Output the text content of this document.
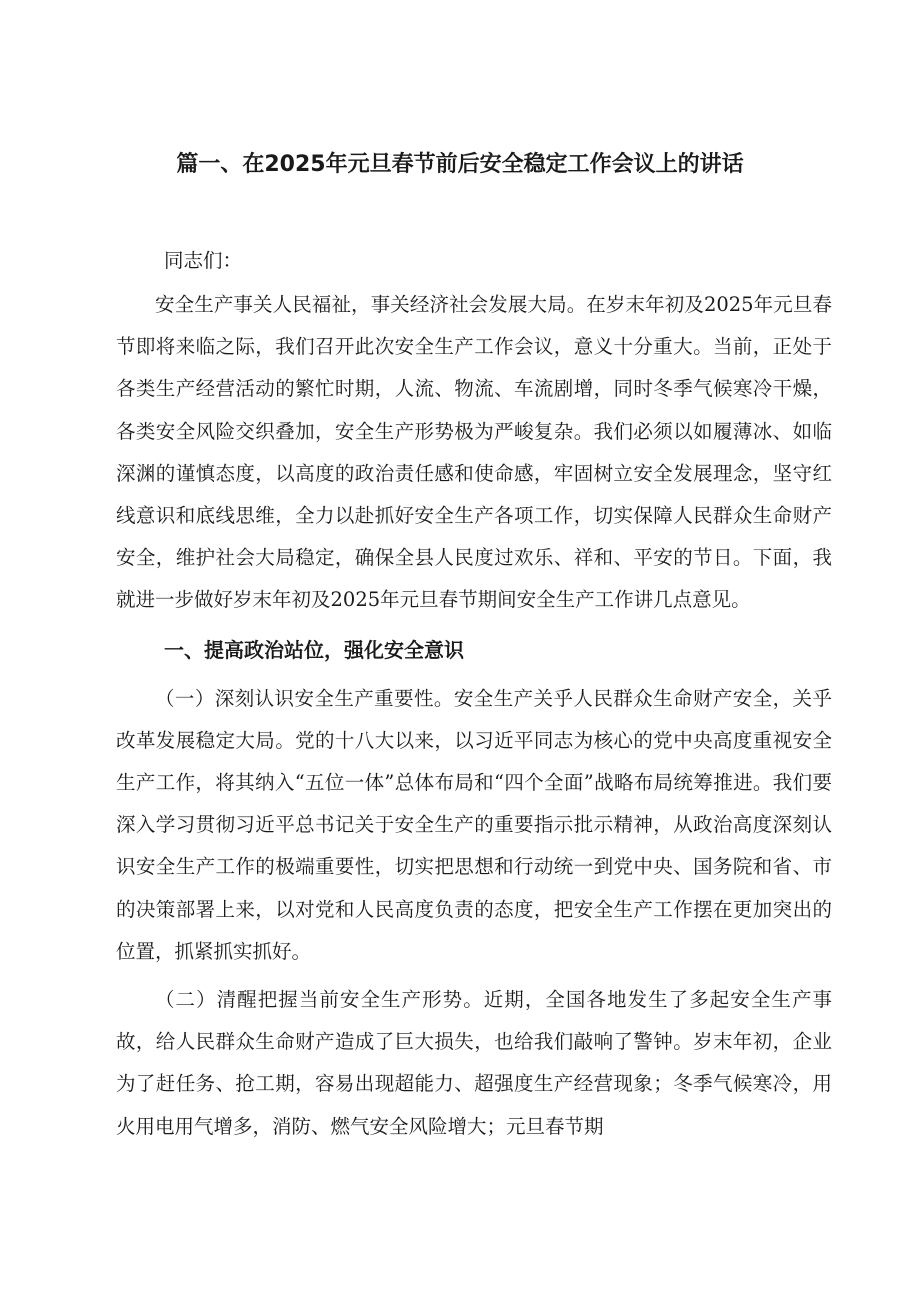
篇一、在2025年元旦春节前后安全稳定工作会议上的讲话
同志们：

安全生产事关人民福祉，事关经济社会发展大局。在岁末年初及2025年元旦春节即将来临之际，我们召开此次安全生产工作会议，意义十分重大。当前，正处于各类生产经营活动的繁忙时期，人流、物流、车流剧增，同时冬季气候寒冷干燥，各类安全风险交织叠加，安全生产形势极为严峻复杂。我们必须以如履薄冰、如临深渊的谨慎态度，以高度的政治责任感和使命感，牢固树立安全发展理念，坚守红线意识和底线思维，全力以赴抓好安全生产各项工作，切实保障人民群众生命财产安全，维护社会大局稳定，确保全县人民度过欢乐、祥和、平安的节日。下面，我就进一步做好岁末年初及2025年元旦春节期间安全生产工作讲几点意见。

一、提高政治站位，强化安全意识

（一）深刻认识安全生产重要性。安全生产关乎人民群众生命财产安全，关乎改革发展稳定大局。党的十八大以来，以习近平同志为核心的党中央高度重视安全生产工作，将其纳入“五位一体”总体布局和“四个全面”战略布局统筹推进。我们要深入学习贯彻习近平总书记关于安全生产的重要指示批示精神，从政治高度深刻认识安全生产工作的极端重要性，切实把思想和行动统一到党中央、国务院和省、市的决策部署上来，以对党和人民高度负责的态度，把安全生产工作摆在更加突出的位置，抓紧抓实抓好。

（二）清醒把握当前安全生产形势。近期，全国各地发生了多起安全生产事故，给人民群众生命财产造成了巨大损失，也给我们敲响了警钟。岁末年初，企业为了赶任务、抢工期，容易出现超能力、超强度生产经营现象；冬季气候寒冷，用火用电用气增多，消防、燃气安全风险增大；元旦春节期
